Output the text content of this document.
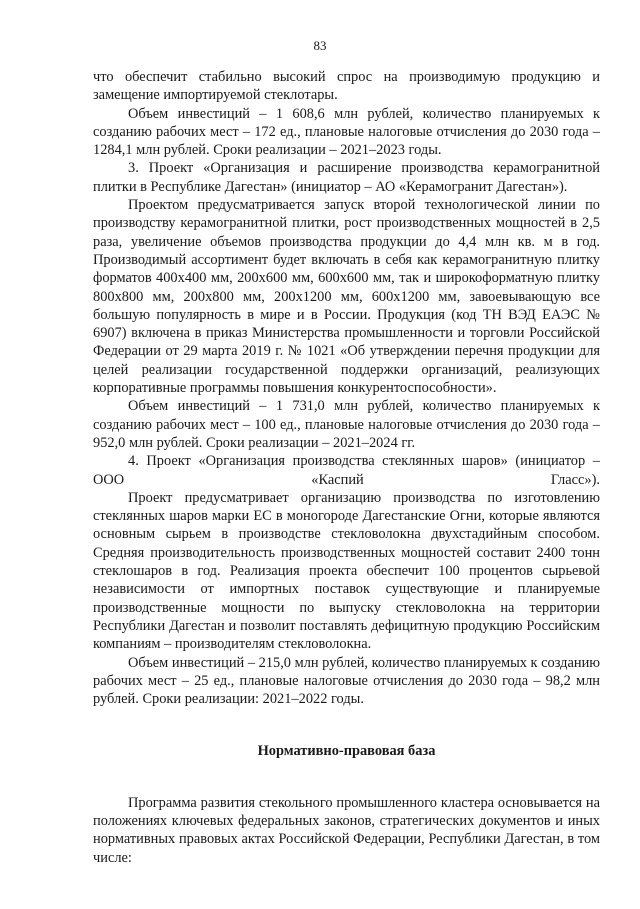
83

что обеспечит стабильно высокий спрос на производимую продукцию и замещение импортируемой стеклотары.

Объем инвестиций – 1 608,6 млн рублей, количество планируемых к созданию рабочих мест – 172 ед., плановые налоговые отчисления до 2030 года – 1284,1 млн рублей. Сроки реализации – 2021–2023 годы.

3. Проект «Организация и расширение производства керамогранитной плитки в Республике Дагестан» (инициатор – АО «Керамогранит Дагестан»).

Проектом предусматривается запуск второй технологической линии по производству керамогранитной плитки, рост производственных мощностей в 2,5 раза, увеличение объемов производства продукции до 4,4 млн кв. м в год. Производимый ассортимент будет включать в себя как керамогранитную плитку форматов 400х400 мм, 200х600 мм, 600х600 мм, так и широкоформатную плитку 800х800 мм, 200х800 мм, 200х1200 мм, 600х1200 мм, завоевывающую все большую популярность в мире и в России. Продукция (код ТН ВЭД ЕАЭС № 6907) включена в приказ Министерства промышленности и торговли Российской Федерации от 29 марта 2019 г. № 1021 «Об утверждении перечня продукции для целей реализации государственной поддержки организаций, реализующих корпоративные программы повышения конкурентоспособности».

Объем инвестиций – 1 731,0 млн рублей, количество планируемых к созданию рабочих мест – 100 ед., плановые налоговые отчисления до 2030 года – 952,0 млн рублей. Сроки реализации – 2021–2024 гг.

4. Проект «Организация производства стеклянных шаров» (инициатор – ООО «Каспий Гласс»).

Проект предусматривает организацию производства по изготовлению стеклянных шаров марки ЕС в моногороде Дагестанские Огни, которые являются основным сырьем в производстве стекловолокна двухстадийным способом. Средняя производительность производственных мощностей составит 2400 тонн стеклошаров в год. Реализация проекта обеспечит 100 процентов сырьевой независимости от импортных поставок существующие и планируемые производственные мощности по выпуску стекловолокна на территории Республики Дагестан и позволит поставлять дефицитную продукцию Российским компаниям – производителям стекловолокна.

Объем инвестиций – 215,0 млн рублей, количество планируемых к созданию рабочих мест – 25 ед., плановые налоговые отчисления до 2030 года – 98,2 млн рублей. Сроки реализации: 2021–2022 годы.

Нормативно-правовая база

Программа развития стекольного промышленного кластера основывается на положениях ключевых федеральных законов, стратегических документов и иных нормативных правовых актах Российской Федерации, Республики Дагестан, в том числе:
